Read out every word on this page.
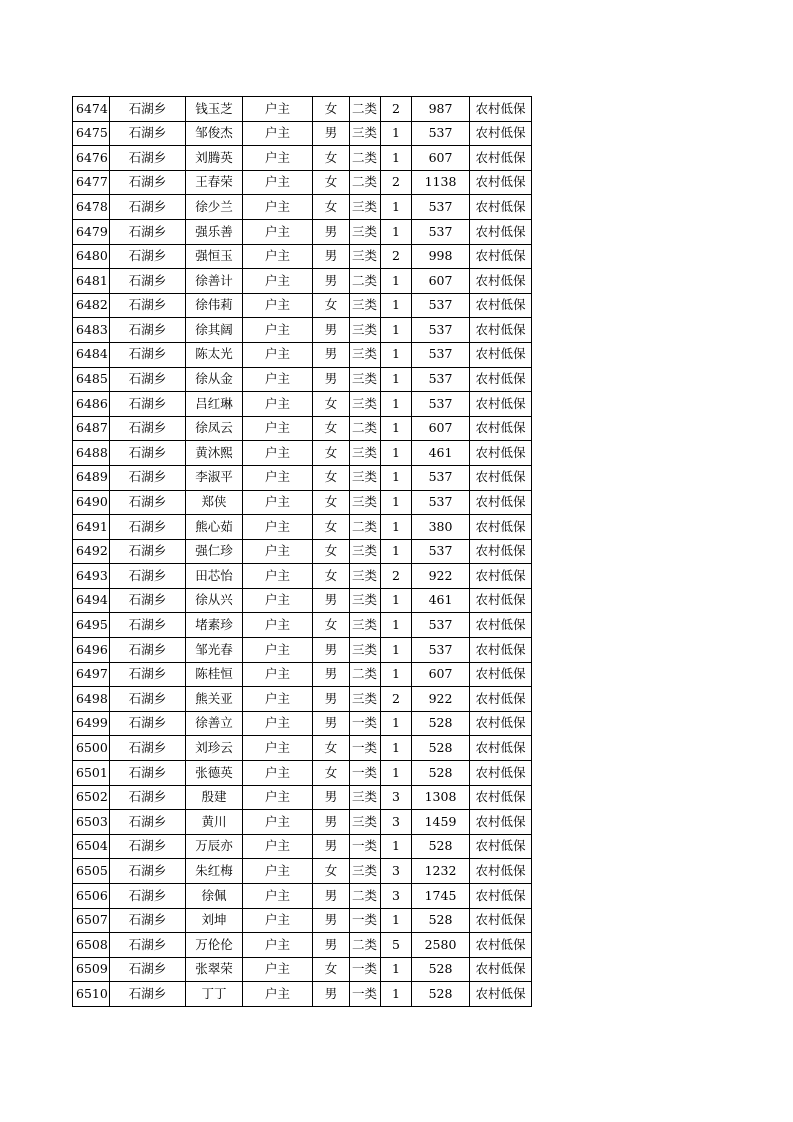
6474	石湖乡	钱玉芝	户主	女	二类	2	987	农村低保
6475	石湖乡	邹俊杰	户主	男	三类	1	537	农村低保
6476	石湖乡	刘腾英	户主	女	二类	1	607	农村低保
6477	石湖乡	王春荣	户主	女	二类	2	1138	农村低保
6478	石湖乡	徐少兰	户主	女	三类	1	537	农村低保
6479	石湖乡	强乐善	户主	男	三类	1	537	农村低保
6480	石湖乡	强恒玉	户主	男	三类	2	998	农村低保
6481	石湖乡	徐善计	户主	男	二类	1	607	农村低保
6482	石湖乡	徐伟莉	户主	女	三类	1	537	农村低保
6483	石湖乡	徐其阔	户主	男	三类	1	537	农村低保
6484	石湖乡	陈太光	户主	男	三类	1	537	农村低保
6485	石湖乡	徐从金	户主	男	三类	1	537	农村低保
6486	石湖乡	吕红琳	户主	女	三类	1	537	农村低保
6487	石湖乡	徐凤云	户主	女	二类	1	607	农村低保
6488	石湖乡	黄沐熙	户主	女	三类	1	461	农村低保
6489	石湖乡	李淑平	户主	女	三类	1	537	农村低保
6490	石湖乡	郑侠	户主	女	三类	1	537	农村低保
6491	石湖乡	熊心茹	户主	女	二类	1	380	农村低保
6492	石湖乡	强仁珍	户主	女	三类	1	537	农村低保
6493	石湖乡	田芯怡	户主	女	三类	2	922	农村低保
6494	石湖乡	徐从兴	户主	男	三类	1	461	农村低保
6495	石湖乡	堵素珍	户主	女	三类	1	537	农村低保
6496	石湖乡	邹光春	户主	男	三类	1	537	农村低保
6497	石湖乡	陈桂恒	户主	男	二类	1	607	农村低保
6498	石湖乡	熊关亚	户主	男	三类	2	922	农村低保
6499	石湖乡	徐善立	户主	男	一类	1	528	农村低保
6500	石湖乡	刘珍云	户主	女	一类	1	528	农村低保
6501	石湖乡	张德英	户主	女	一类	1	528	农村低保
6502	石湖乡	殷建	户主	男	三类	3	1308	农村低保
6503	石湖乡	黄川	户主	男	三类	3	1459	农村低保
6504	石湖乡	万辰亦	户主	男	一类	1	528	农村低保
6505	石湖乡	朱红梅	户主	女	三类	3	1232	农村低保
6506	石湖乡	徐佩	户主	男	二类	3	1745	农村低保
6507	石湖乡	刘坤	户主	男	一类	1	528	农村低保
6508	石湖乡	万伦伦	户主	男	二类	5	2580	农村低保
6509	石湖乡	张翠荣	户主	女	一类	1	528	农村低保
6510	石湖乡	丁丁	户主	男	一类	1	528	农村低保
